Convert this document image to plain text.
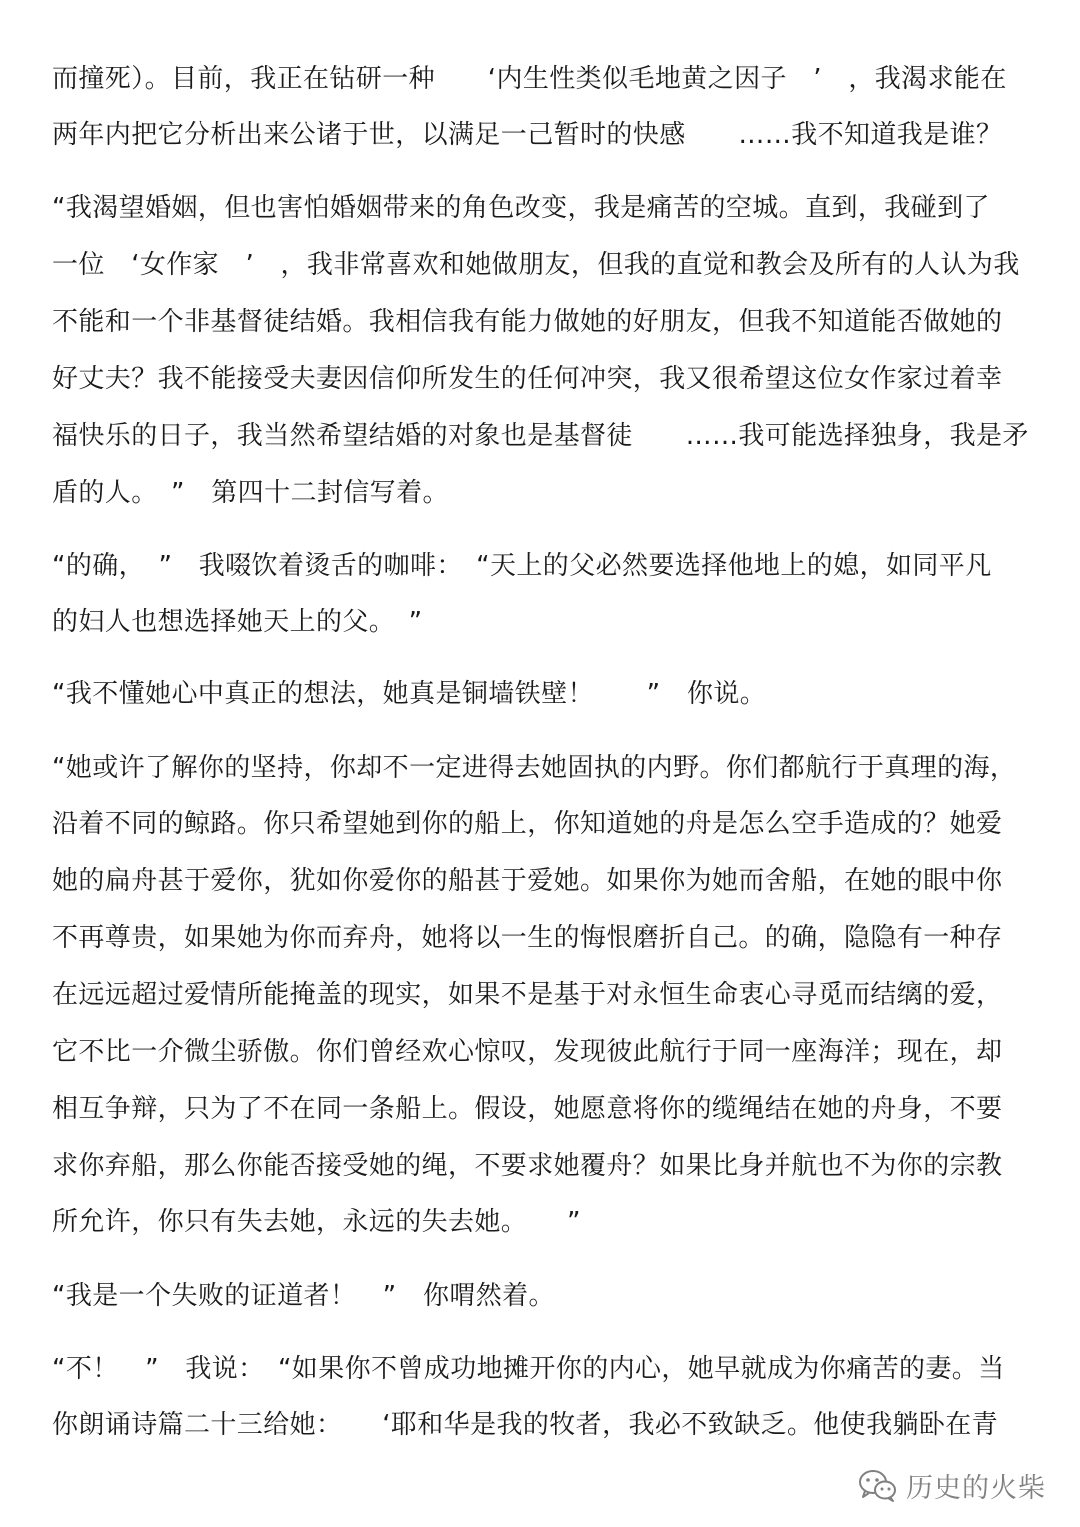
而撞死）。目前，我正在钻研一种　　‘内生性类似毛地黄之因子　’　，我渴求能在
两年内把它分析出来公诸于世，以满足一己暂时的快感　　……我不知道我是谁？
“我渴望婚姻，但也害怕婚姻带来的角色改变，我是痛苦的空城。直到，我碰到了
一位　‘女作家　’　，我非常喜欢和她做朋友，但我的直觉和教会及所有的人认为我
不能和一个非基督徒结婚。我相信我有能力做她的好朋友，但我不知道能否做她的
好丈夫？我不能接受夫妻因信仰所发生的任何冲突，我又很希望这位女作家过着幸
福快乐的日子，我当然希望结婚的对象也是基督徒　　……我可能选择独身，我是矛
盾的人。　”　第四十二封信写着。
“的确，　”　我啜饮着烫舌的咖啡：　“天上的父必然要选择他地上的媳，如同平凡
的妇人也想选择她天上的父。　”
“我不懂她心中真正的想法，她真是铜墙铁壁！　　”　你说。
“她或许了解你的坚持，你却不一定进得去她固执的内野。你们都航行于真理的海，
沿着不同的鲸路。你只希望她到你的船上，你知道她的舟是怎么空手造成的？她爱
她的扁舟甚于爱你，犹如你爱你的船甚于爱她。如果你为她而舍船，在她的眼中你
不再尊贵，如果她为你而弃舟，她将以一生的悔恨磨折自己。的确，隐隐有一种存
在远远超过爱情所能掩盖的现实，如果不是基于对永恒生命衷心寻觅而结缡的爱，
它不比一介微尘骄傲。你们曾经欢心惊叹，发现彼此航行于同一座海洋；现在，却
相互争辩，只为了不在同一条船上。假设，她愿意将你的缆绳结在她的舟身，不要
求你弃船，那么你能否接受她的绳，不要求她覆舟？如果比身并航也不为你的宗教
所允许，你只有失去她，永远的失去她。　　”
“我是一个失败的证道者！　”　你喟然着。
“不！　”　我说：　“如果你不曾成功地摊开你的内心，她早就成为你痛苦的妻。当
你朗诵诗篇二十三给她：　　‘耶和华是我的牧者，我必不致缺乏。他使我躺卧在青
历史的火柴
